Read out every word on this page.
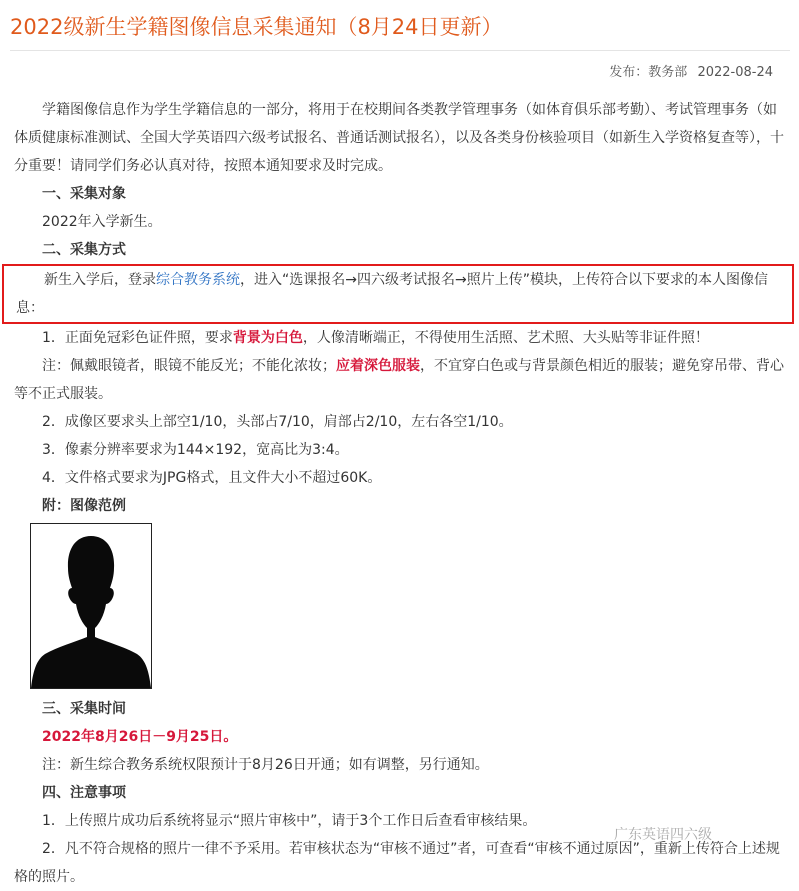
2022级新生学籍图像信息采集通知（8月24日更新）
发布：教务部 2022-08-24

学籍图像信息作为学生学籍信息的一部分，将用于在校期间各类教学管理事务（如体育俱乐部考勤）、考试管理事务（如体质健康标准测试、全国大学英语四六级考试报名、普通话测试报名），以及各类身份核验项目（如新生入学资格复查等），十分重要！请同学们务必认真对待，按照本通知要求及时完成。

一、采集对象

2022年入学新生。

二、采集方式

新生入学后，登录综合教务系统，进入“选课报名→四六级考试报名→照片上传”模块，上传符合以下要求的本人图像信息：

1．正面免冠彩色证件照，要求背景为白色，人像清晰端正，不得使用生活照、艺术照、大头贴等非证件照！

注：佩戴眼镜者，眼镜不能反光；不能化浓妆；应着深色服装，不宜穿白色或与背景颜色相近的服装；避免穿吊带、背心等不正式服装。

2．成像区要求头上部空1/10，头部占7/10，肩部占2/10，左右各空1/10。

3．像素分辨率要求为144×192，宽高比为3:4。

4．文件格式要求为JPG格式，且文件大小不超过60K。

附：图像范例

三、采集时间

2022年8月26日－9月25日。

注：新生综合教务系统权限预计于8月26日开通；如有调整，另行通知。

四、注意事项

1．上传照片成功后系统将显示“照片审核中”，请于3个工作日后查看审核结果。

2．凡不符合规格的照片一律不予采用。若审核状态为“审核不通过”者，可查看“审核不通过原因”，重新上传符合上述规格的照片。

广东英语四六级
